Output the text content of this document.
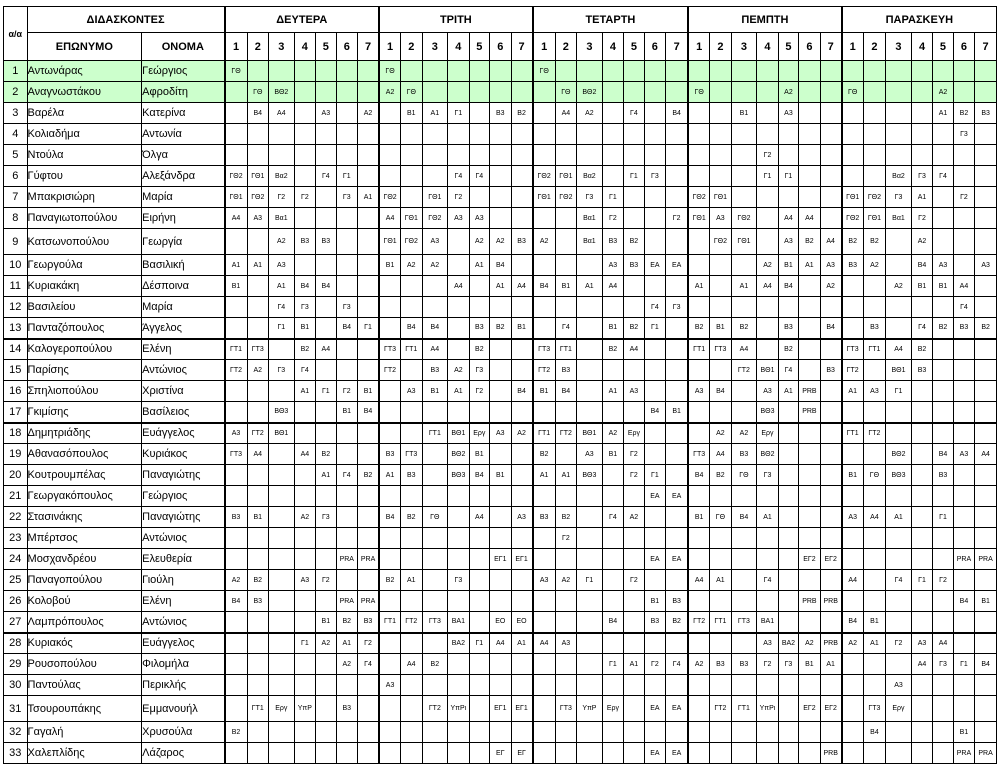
α/α	ΔΙΔΑΣΚΟΝΤΕΣ		ΔΕΥΤΕΡΑ							ΤΡΙΤΗ							ΤΕΤΑΡΤΗ							ΠΕΜΠΤΗ							ΠΑΡΑΣΚΕΥΗ						
	ΕΠΩΝΥΜΟ	ΟΝΟΜΑ	1	2	3	4	5	6	7	1	2	3	4	5	6	7	1	2	3	4	5	6	7	1	2	3	4	5	6	7	1	2	3	4	5	6	7
1	Αντωνάρας	Γεώργιος	ΓΘ							ΓΘ							ΓΘ																				
2	Αναγνωστάκου	Αφροδίτη		ΓΘ	ΒΘ2					Α2	ΓΘ							ΓΘ	ΒΘ2					ΓΘ				Α2			ΓΘ				Α2		
3	Βαρέλα	Κατερίνα		Β4	Α4		Α3		Α2		Β1	Α1	Γ1		Β3	Β2		Α4	Α2		Γ4		Β4			Β1		Α3							Α1	Β2	Β3
4	Κολιαδήμα	Αντωνία																																		Γ3	
5	Ντούλα	Όλγα																									Γ2										
6	Γύφτου	Αλεξάνδρα	ΓΘ2	ΓΘ1	Βα2		Γ4	Γ1					Γ4	Γ4			ΓΘ2	ΓΘ1	Βα2		Γ1	Γ3					Γ1	Γ1					Βα2	Γ3	Γ4		
7	Μπακρισιώρη	Μαρία	ΓΘ1	ΓΘ2	Γ2	Γ2		Γ3	Α1	ΓΘ2		ΓΘ1	Γ2				ΓΘ1	ΓΘ2	Γ3	Γ1				ΓΘ2	ΓΘ1						ΓΘ1	ΓΘ2	Γ3	Α1		Γ2	
8	Παναγιωτοπούλου	Ειρήνη	Α4	Α3	Βα1					Α4	ΓΘ1	ΓΘ2	Α3	Α3					Βα1	Γ2			Γ2	ΓΘ1	Α3	ΓΘ2		Α4	Α4		ΓΘ2	ΓΘ1	Βα1	Γ2			
9	Κατσωνοπούλου	Γεωργία			Α2	Β3	Β3			ΓΘ1	ΓΘ2	Α3		Α2	Α2	Β3	Α2		Βα1	Β3	Β2				ΓΘ2	ΓΘ1		Α3	Β2	Α4	Β2	Β2		Α2			
10	Γεωργούλα	Βασιλική	Α1	Α1	Α3					Β1	Α2	Α2		Α1	Β4					Α3	Β3	ΕΑ	ΕΑ				Α2	Β1	Α1	Α3	Β3	Α2		Β4	Α3		Α3
11	Κυριακάκη	Δέσποινα	Β1		Α1	Β4	Β4						Α4		Α1	Α4	Β4	Β1	Α1	Α4				Α1		Α1	Α4	Β4		Α2			Α2	Β1	Β1	Α4	
12	Βασιλείου	Μαρία			Γ4	Γ3		Γ3														Γ4	Γ3													Γ4	
13	Πανταζόπουλος	Άγγελος			Γ1	Β1		Β4	Γ1		Β4	Β4		Β3	Β2	Β1		Γ4		Β1	Β2	Γ1		Β2	Β1	Β2		Β3		Β4		Β3		Γ4	Β2	Β3	Β2
14	Καλογεροπούλου	Ελένη	ΓΤ1	ΓΤ3		Β2	Α4			ΓΤ3	ΓΤ1	Α4		Β2			ΓΤ3	ΓΤ1		Β2	Α4			ΓΤ1	ΓΤ3	Α4		Β2			ΓΤ3	ΓΤ1	Α4	Β2			
15	Παρίσης	Αντώνιος	ΓΤ2	Α2	Γ3	Γ4				ΓΤ2		Β3	Α2	Γ3			ΓΤ2	Β3								ΓΤ2	ΒΘ1	Γ4		Β3	ΓΤ2		ΒΘ1	Β3			
16	Σπηλιοπούλου	Χριστίνα				Α1	Γ1	Γ2	Β1		Α3	Β1	Α1	Γ2		Β4	Β1	Β4		Α1	Α3			Α3	Β4		Α3	Α1	PRB		Α1	Α3	Γ1				
17	Γκιμίσης	Βασίλειος			ΒΘ3			Β1	Β4													Β4	Β1				ΒΘ3		PRB								
18	Δημητριάδης	Ευάγγελος	Α3	ΓΤ2	ΒΘ1							ΓΤ1	ΒΘ1	Εργ	Α3	Α2	ΓΤ1	ΓΤ2	ΒΘ1	Α2	Εργ				Α2	Α2	Εργ				ΓΤ1	ΓΤ2					
19	Αθανασόπουλος	Κυριάκος	ΓΤ3	Α4		Α4	Β2			Β3	ΓΤ3		ΒΘ2	Β1			Β2		Α3	Β1	Γ2			ΓΤ3	Α4	Β3	ΒΘ2						ΒΘ2		Β4	Α3	Α4
20	Κουτρουμπέλας	Παναγιώτης					Α1	Γ4	Β2	Α1	Β3		ΒΘ3	Β4	Β1		Α1	Α1	ΒΘ3		Γ2	Γ1		Β4	Β2	ΓΘ	Γ3				Β1	ΓΘ	ΒΘ3		Β3		
21	Γεωργακόπουλος	Γεώργιος																				ΕΑ	ΕΑ														
22	Στασινάκης	Παναγιώτης	Β3	Β1		Α2	Γ3			Β4	Β2	ΓΘ		Α4		Α3	Β3	Β2		Γ4	Α2			Β1	ΓΘ	Β4	Α1				Α3	Α4	Α1		Γ1		
23	Μπέρτσος	Αντώνιος																Γ2																			
24	Μοσχανδρέου	Ελευθερία						PRA	PRA						ΕΓ1	ΕΓ1						ΕΑ	ΕΑ						ΕΓ2	ΕΓ2						PRA	PRA
25	Παναγοπούλου	Γιούλη	Α2	Β2		Α3	Γ2			Β2	Α1		Γ3				Α3	Α2	Γ1		Γ2			Α4	Α1		Γ4				Α4		Γ4	Γ1	Γ2		
26	Κολοβού	Ελένη	Β4	Β3				PRA	PRA													Β1	Β3						PRB	PRB						Β4	Β1
27	Λαμπρόπουλος	Αντώνιος					Β1	Β2	Β3	ΓΤ1	ΓΤ2	ΓΤ3	ΒΑ1		ΕΟ	ΕΟ				Β4		Β3	Β2	ΓΤ2	ΓΤ1	ΓΤ3	ΒΑ1				Β4	Β1					
28	Κυριακός	Ευάγγελος				Γ1	Α2	Α1	Γ2				ΒΑ2	Γ1	Α4	Α1	Α4	Α3									Α3	ΒΑ2	Α2	PRB	Α2	Α1	Γ2	Α3	Α4		
29	Ρουσοπούλου	Φιλομήλα						Α2	Γ4		Α4	Β2								Γ1	Α1	Γ2	Γ4	Α2	Β3	Β3	Γ2	Γ3	Β1	Α1				Α4	Γ3	Γ1	Β4
30	Παντούλας	Περικλής								Α3																							Α3				
31	Τσουρουπάκης	Εμμανουήλ		ΓΤ1	Εργ	ΥπΡ		Β3				ΓΤ2	ΥπΡι		ΕΓ1	ΕΓ1		ΓΤ3	ΥπΡ	Εργ		ΕΑ	ΕΑ		ΓΤ2	ΓΤ1	ΥπΡι		ΕΓ2	ΕΓ2		ΓΤ3	Εργ				
32	Γαγαλή	Χρυσούλα	Β2																													Β4				Β1	
33	Χαλεπλίδης	Λάζαρος													ΕΓ	ΕΓ						ΕΑ	ΕΑ							PRB						PRA	PRA
